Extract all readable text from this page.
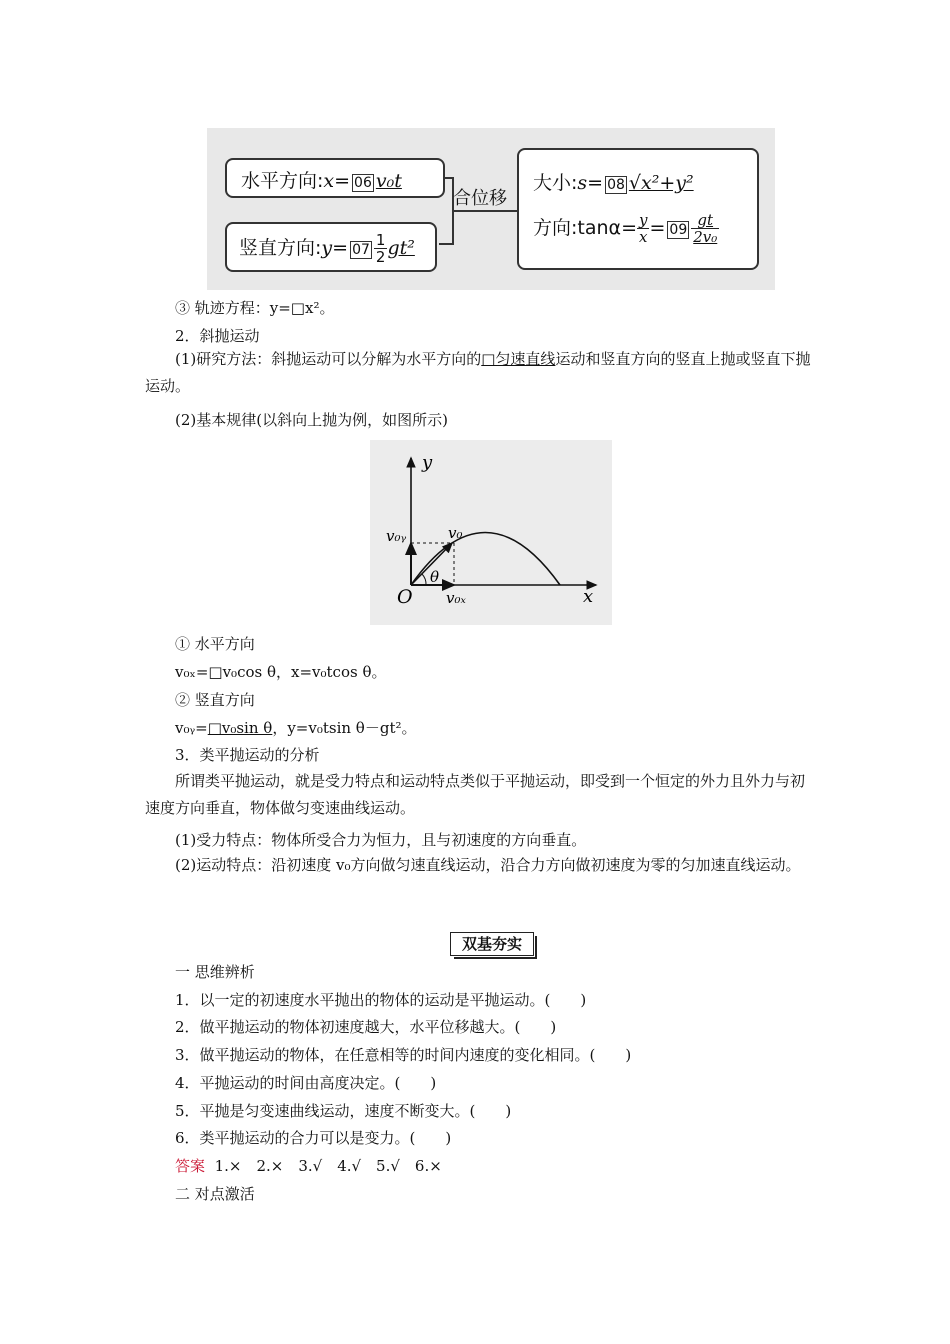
水平方向:x= 06 v₀t
竖直方向:y= $07 \frac{1}{2} gt^2$
合位移
大小:s= 08 √x²+y²
方向:tanα= $\frac{y}{x} = 09 \frac{gt}{\text{2v₀}}$
③ 轨迹方程：y=□x²。
2．斜抛运动
(1)研究方法：斜抛运动可以分解为水平方向的□匀速直线运动和竖直方向的竖直上抛或竖直下抛运动。
(2)基本规律(以斜向上抛为例，如图所示)
y
x
O
v₀
v₀ᵧ
v₀ₓ
θ
① 水平方向
v₀ₓ=□v₀cos θ，x=v₀tcos θ。
② 竖直方向
v₀ᵧ=□v₀sin θ，y=v₀tsin θ－gt²。
3．类平抛运动的分析
所谓类平抛运动，就是受力特点和运动特点类似于平抛运动，即受到一个恒定的外力且外力与初速度方向垂直，物体做匀变速曲线运动。
(1)受力特点：物体所受合力为恒力，且与初速度的方向垂直。
(2)运动特点：沿初速度 v₀方向做匀速直线运动，沿合力方向做初速度为零的匀加速直线运动。
双基夯实
一 思维辨析
1．以一定的初速度水平抛出的物体的运动是平抛运动。(　　)
2．做平抛运动的物体初速度越大，水平位移越大。(　　)
3．做平抛运动的物体，在任意相等的时间内速度的变化相同。(　　)
4．平抛运动的时间由高度决定。(　　)
5．平抛是匀变速曲线运动，速度不断变大。(　　)
6．类平抛运动的合力可以是变力。(　　)
答案 1.×　2.×　3.√　4.√　5.√　6.×
二 对点激活
